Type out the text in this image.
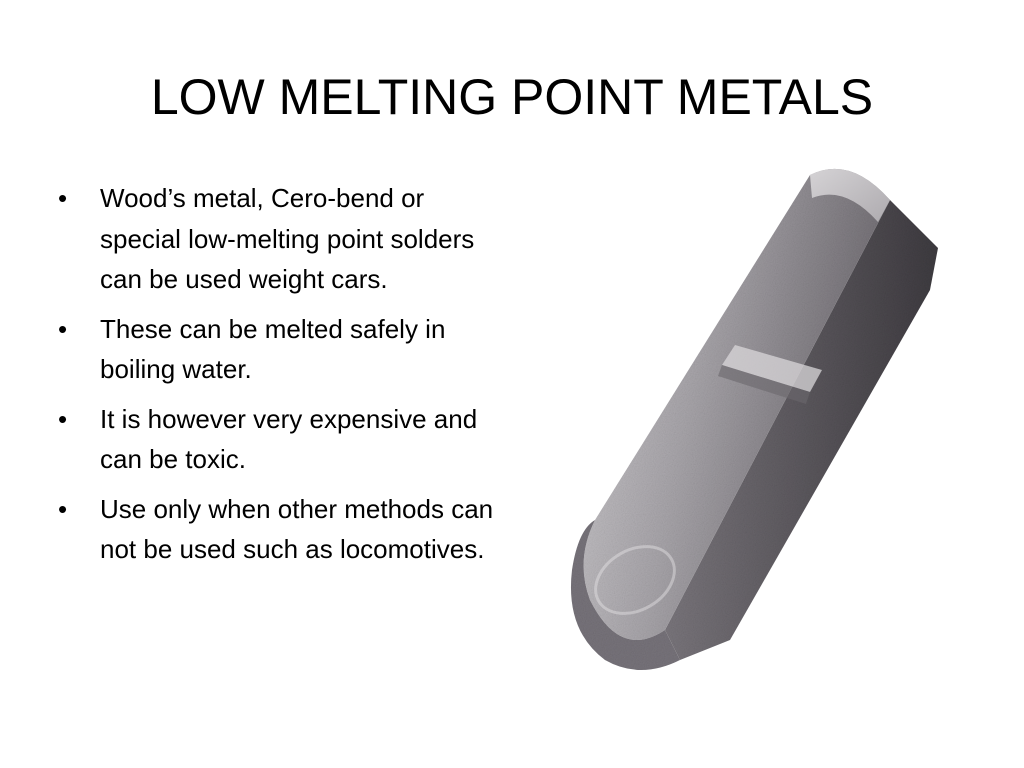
LOW MELTING POINT METALS
•	Wood’s metal, Cero-bend or special low-melting point solders can be used weight cars.
•	These can be melted safely in boiling water.
•	It is however very expensive and can be toxic.
•	Use only when other methods can not be used such as locomotives.
